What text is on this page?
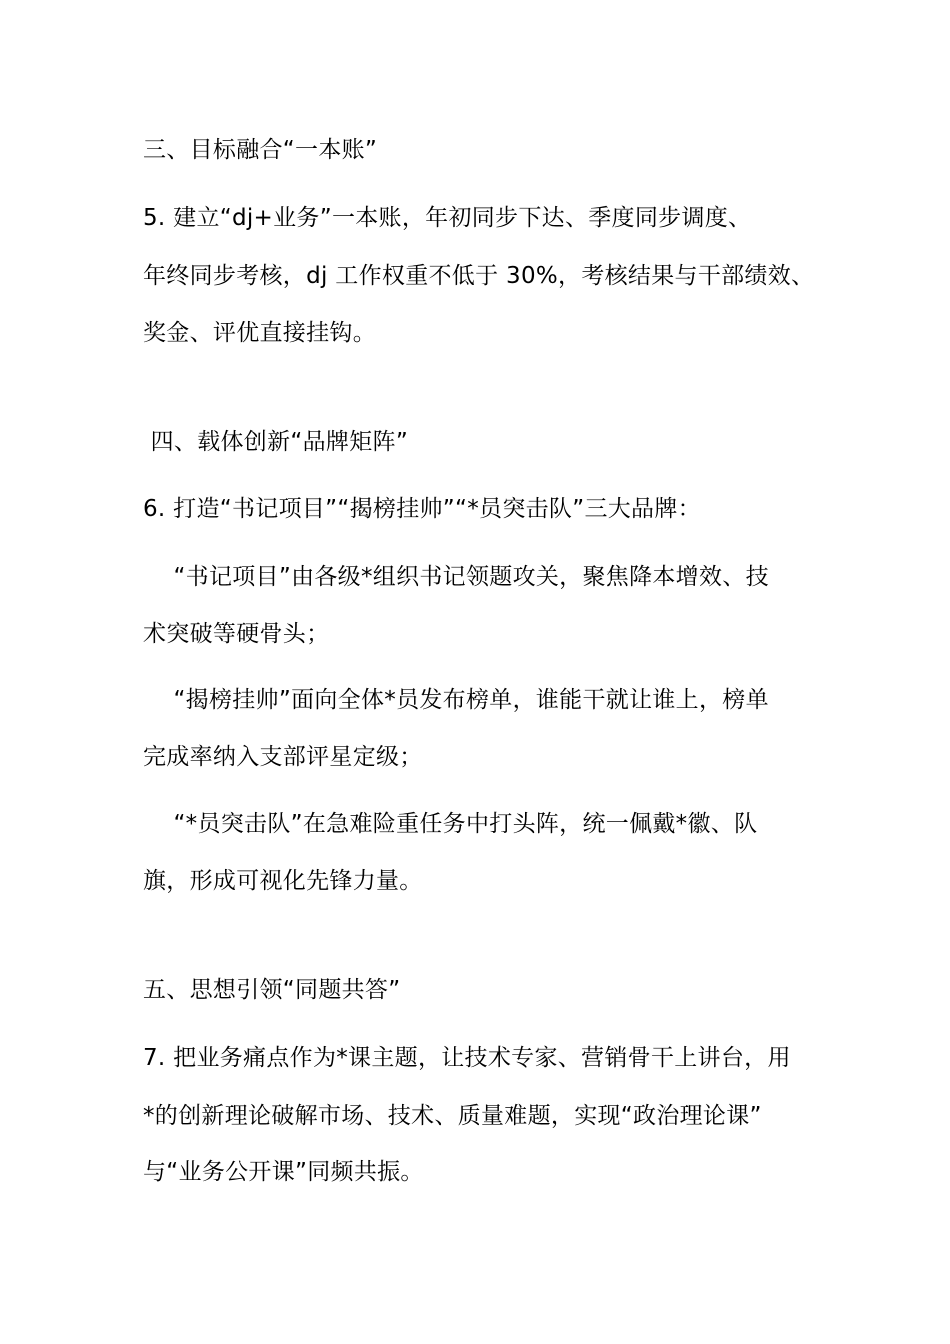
三、目标融合“一本账”
5. 建立“dj+业务”一本账，年初同步下达、季度同步调度、
年终同步考核，dj 工作权重不低于 30%，考核结果与干部绩效、
奖金、评优直接挂钩。
四、载体创新“品牌矩阵”
6. 打造“书记项目”“揭榜挂帅”“*员突击队”三大品牌：
“书记项目”由各级*组织书记领题攻关，聚焦降本增效、技
术突破等硬骨头；
“揭榜挂帅”面向全体*员发布榜单，谁能干就让谁上，榜单
完成率纳入支部评星定级；
“*员突击队”在急难险重任务中打头阵，统一佩戴*徽、队
旗，形成可视化先锋力量。
五、思想引领“同题共答”
7. 把业务痛点作为*课主题，让技术专家、营销骨干上讲台，用
*的创新理论破解市场、技术、质量难题，实现“政治理论课”
与“业务公开课”同频共振。
